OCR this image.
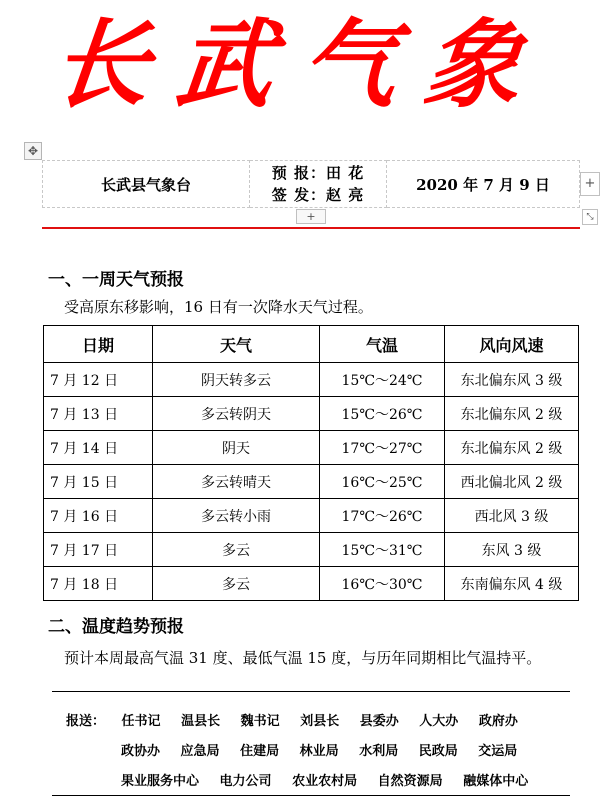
长武气象
✥
长武县气象台	
预 报：田 花
签 发：赵 亮
	2020 年 7 月 9 日	+
+	⤡
一、一周天气预报

受高原东移影响，16 日有一次降水天气过程。

日期	天气	气温	风向风速
7 月 12 日	阴天转多云	15℃～24℃	东北偏东风 3 级
7 月 13 日	多云转阴天	15℃～26℃	东北偏东风 2 级
7 月 14 日	阴天	17℃～27℃	东北偏东风 2 级
7 月 15 日	多云转晴天	16℃～25℃	西北偏北风 2 级
7 月 16 日	多云转小雨	17℃～26℃	西北风 3 级
7 月 17 日	多云	15℃～31℃	东风 3 级
7 月 18 日	多云	16℃～30℃	东南偏东风 4 级
二、温度趋势预报

预计本周最高气温 31 度、最低气温 15 度，与历年同期相比气温持平。

报送： 任书记 温县长 魏书记 刘县长 县委办 人大办 政府办
政协办 应急局 住建局 林业局 水利局 民政局 交运局
果业服务中心 电力公司 农业农村局 自然资源局 融媒体中心
